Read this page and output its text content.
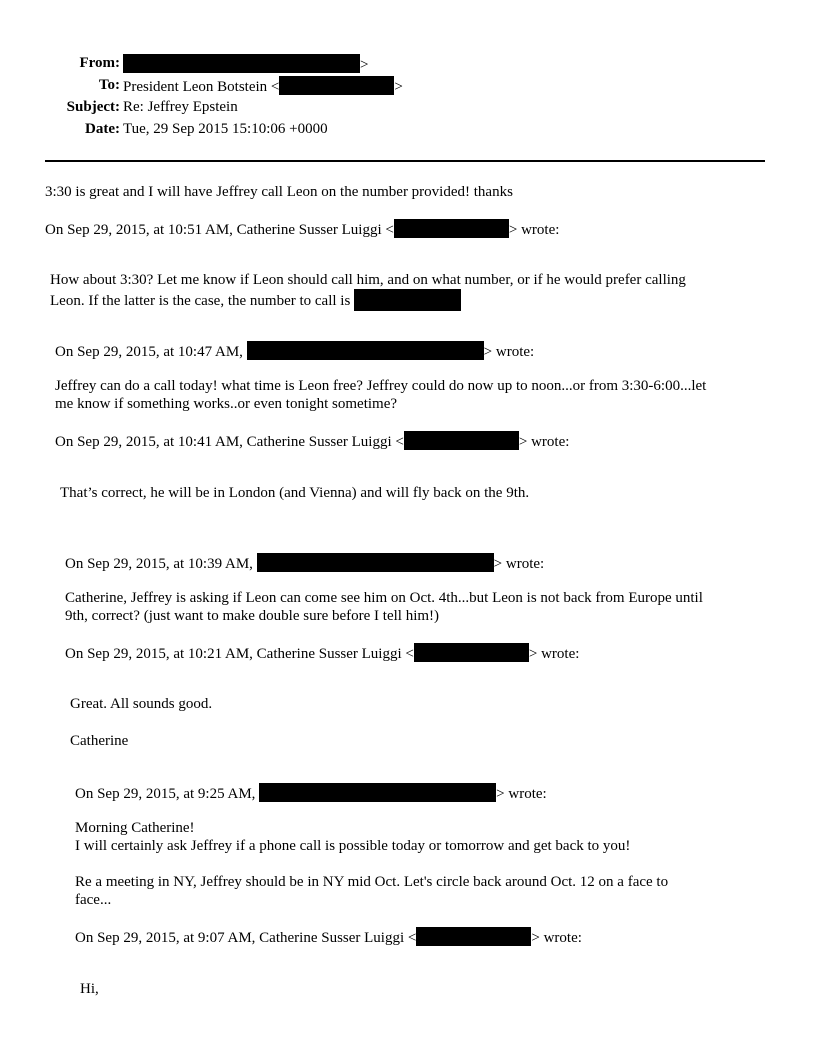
From:	>
To: President Leon Botstein <	>
Subject: Re: Jeffrey Epstein
Date: Tue, 29 Sep 2015 15:10:06 +0000
3:30 is great and I will have Jeffrey call Leon on the number provided! thanks
On Sep 29, 2015, at 10:51 AM, Catherine Susser Luiggi <	> wrote:
How about 3:30? Let me know if Leon should call him, and on what number, or if he would prefer calling
Leon. If the latter is the case, the number to call is
On Sep 29, 2015, at 10:47 AM,	> wrote:
Jeffrey can do a call today! what time is Leon free? Jeffrey could do now up to noon...or from 3:30-6:00...let
me know if something works..or even tonight sometime?
On Sep 29, 2015, at 10:41 AM, Catherine Susser Luiggi <	> wrote:
That’s correct, he will be in London (and Vienna) and will fly back on the 9th.
On Sep 29, 2015, at 10:39 AM,	> wrote:
Catherine, Jeffrey is asking if Leon can come see him on Oct. 4th...but Leon is not back from Europe until
9th, correct? (just want to make double sure before I tell him!)
On Sep 29, 2015, at 10:21 AM, Catherine Susser Luiggi <	> wrote:
Great. All sounds good.
Catherine
On Sep 29, 2015, at 9:25 AM,	> wrote:
Morning Catherine!
I will certainly ask Jeffrey if a phone call is possible today or tomorrow and get back to you!
Re a meeting in NY, Jeffrey should be in NY mid Oct. Let's circle back around Oct. 12 on a face to
face...
On Sep 29, 2015, at 9:07 AM, Catherine Susser Luiggi <	> wrote:
Hi,
